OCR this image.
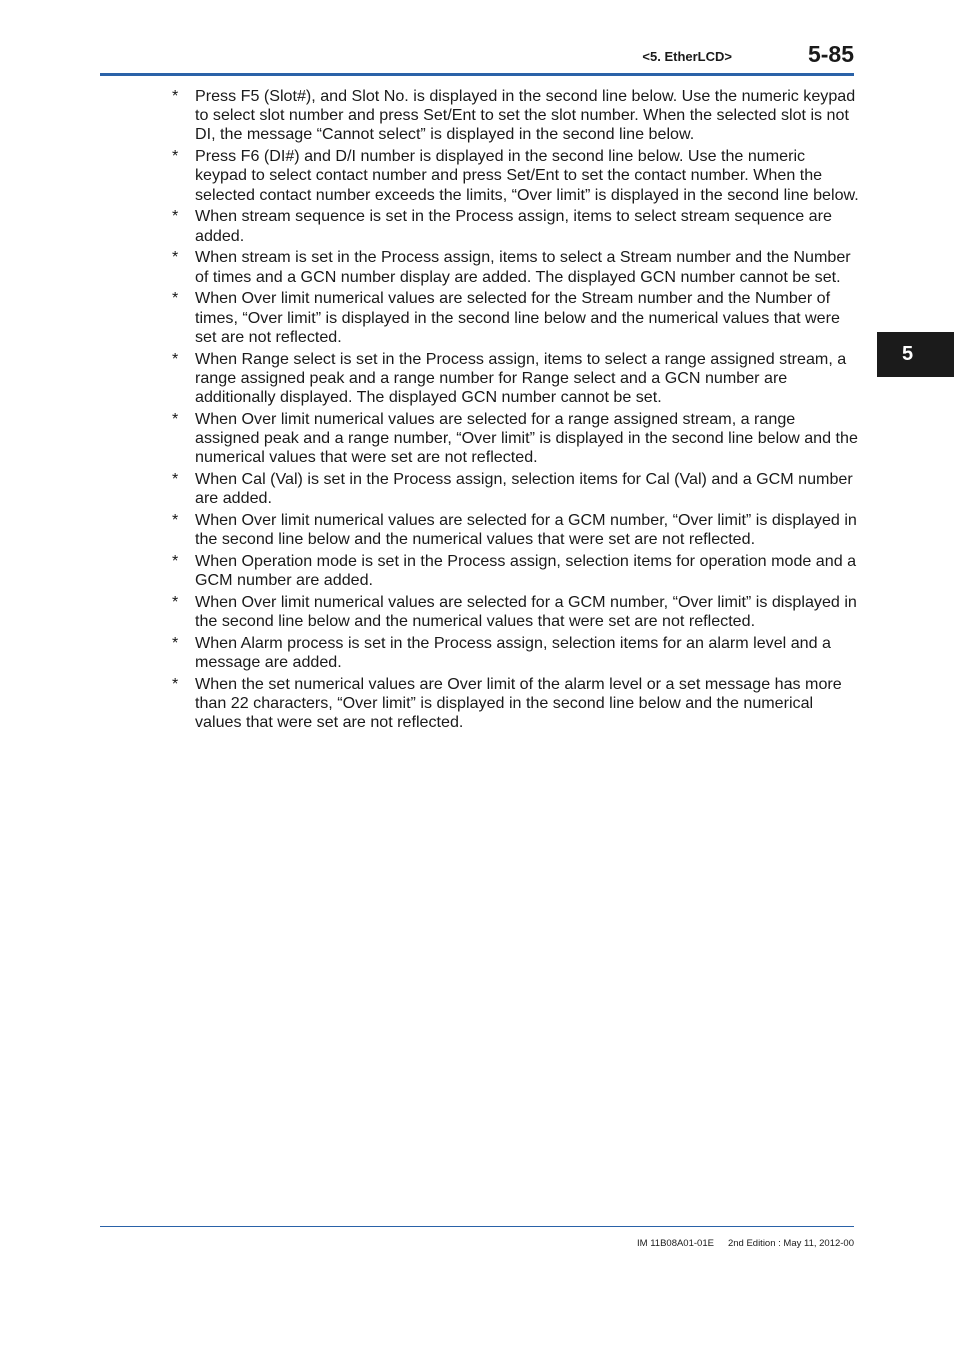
<5. EtherLCD>	5-85
5
* Press F5 (Slot#), and Slot No. is displayed in the second line below. Use the numeric keypad to select slot number and press Set/Ent to set the slot number. When the selected slot is not DI, the message “Cannot select” is displayed in the second line below.
* Press F6 (DI#) and D/I number is displayed in the second line below. Use the numeric keypad to select contact number and press Set/Ent to set the contact number. When the selected contact number exceeds the limits, “Over limit” is displayed in the second line below.
* When stream sequence is set in the Process assign, items to select stream sequence are added.
* When stream is set in the Process assign, items to select a Stream number and the Number of times and a GCN number display are added. The displayed GCN number cannot be set.
* When Over limit numerical values are selected for the Stream number and the Number of times, “Over limit” is displayed in the second line below and the numerical values that were set are not reflected.
* When Range select is set in the Process assign, items to select a range assigned stream, a range assigned peak and a range number for Range select and a GCN number are additionally displayed. The displayed GCN number cannot be set.
* When Over limit numerical values are selected for a range assigned stream, a range assigned peak and a range number, “Over limit” is displayed in the second line below and the numerical values that were set are not reflected.
* When Cal (Val) is set in the Process assign, selection items for Cal (Val) and a GCM number are added.
* When Over limit numerical values are selected for a GCM number, “Over limit” is displayed in the second line below and the numerical values that were set are not reflected.
* When Operation mode is set in the Process assign, selection items for operation mode and a GCM number are added.
* When Over limit numerical values are selected for a GCM number, “Over limit” is displayed in the second line below and the numerical values that were set are not reflected.
* When Alarm process is set in the Process assign, selection items for an alarm level and a message are added.
* When the set numerical values are Over limit of the alarm level or a set message has more than 22 characters, “Over limit” is displayed in the second line below and the numerical values that were set are not reflected.
IM 11B08A01-01E 2nd Edition : May 11, 2012-00
